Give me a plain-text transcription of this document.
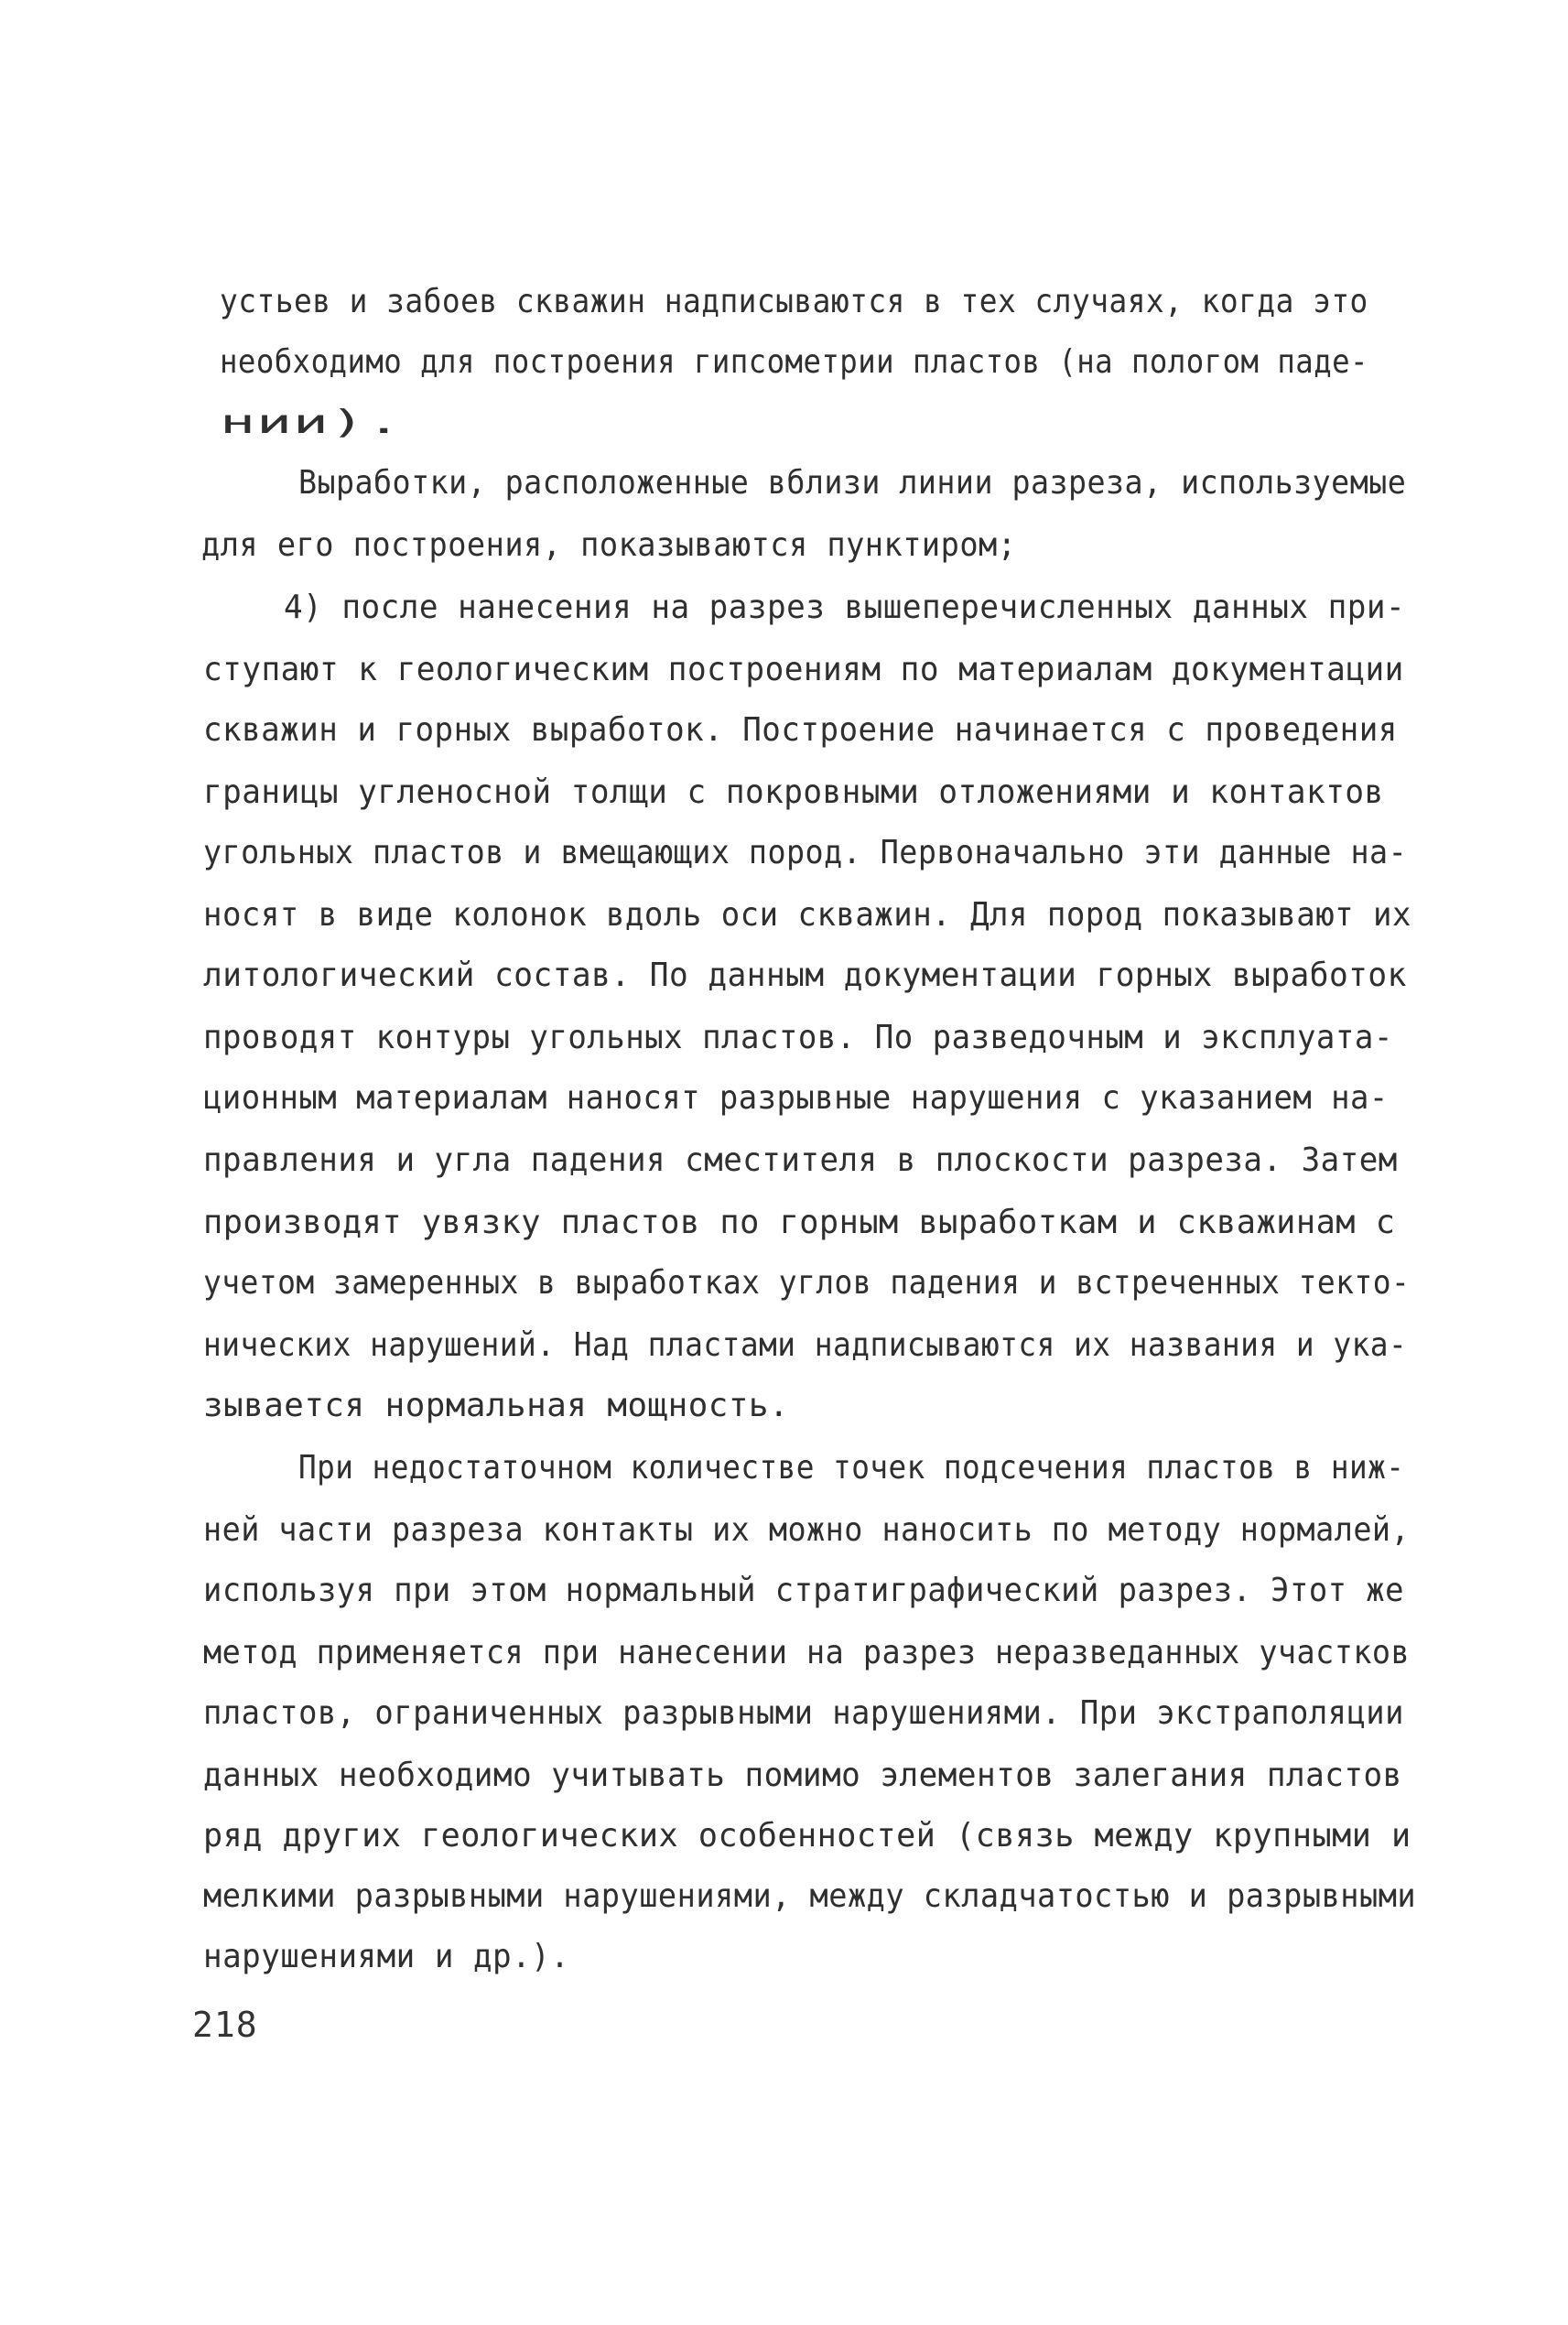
устьев и забоев скважин надписываются в тех случаях, когда это
необходимо для построения гипсометрии пластов (на пологом паде-
нии).
Выработки, расположенные вблизи линии разреза, используемые
для его построения, показываются пунктиром;
4) после нанесения на разрез вышеперечисленных данных при-
ступают к геологическим построениям по материалам документации
скважин и горных выработок. Построение начинается с проведения
границы угленосной толщи с покровными отложениями и контактов
угольных пластов и вмещающих пород. Первоначально эти данные на-
носят в виде колонок вдоль оси скважин. Для пород показывают их
литологический состав. По данным документации горных выработок
проводят контуры угольных пластов. По разведочным и эксплуата-
ционным материалам наносят разрывные нарушения с указанием на-
правления и угла падения сместителя в плоскости разреза. Затем
производят увязку пластов по горным выработкам и скважинам с
учетом замеренных в выработках углов падения и встреченных текто-
нических нарушений. Над пластами надписываются их названия и ука-
зывается нормальная мощность.
При недостаточном количестве точек подсечения пластов в ниж-
ней части разреза контакты их можно наносить по методу нормалей,
используя при этом нормальный стратиграфический разрез. Этот же
метод применяется при нанесении на разрез неразведанных участков
пластов, ограниченных разрывными нарушениями. При экстраполяции
данных необходимо учитывать помимо элементов залегания пластов
ряд других геологических особенностей (связь между крупными и
мелкими разрывными нарушениями, между складчатостью и разрывными
нарушениями и др.).
218
